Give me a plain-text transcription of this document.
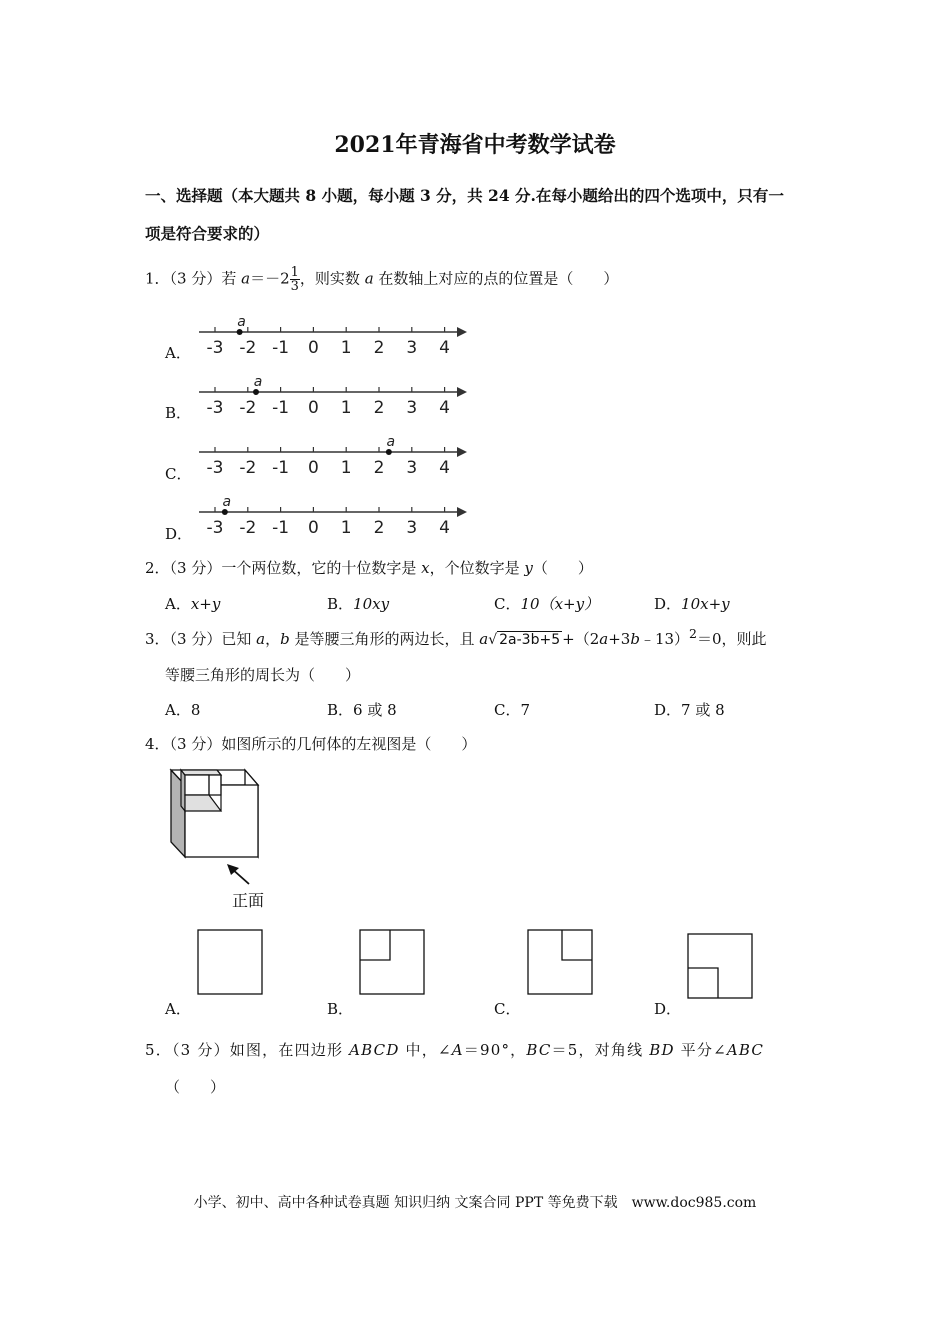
2021年青海省中考数学试卷
一、选择题（本大题共 8 小题，每小题 3 分，共 24 分.在每小题给出的四个选项中，只有一
项是符合要求的）
1．（3 分）若 $a=-2 \frac{1}{3}$ ，则实数 a 在数轴上对应的点的位置是（　　）
A．
B．
C．
D．
-3 -2 -1 0 1 2 3 4
a
-3 -2 -1 0 1 2 3 4
a
-3 -2 -1 0 1 2 3 4
a
-3 -2 -1 0 1 2 3 4
a
2．（3 分）一个两位数，它的十位数字是 x，个位数字是 y（　　）
A．x+y	B．10xy	C．10（x+y）	D．10x+y
3．（3 分）已知 a，b 是等腰三角形的两边长，且 a√ 2a-3b+5 +（2a+3b﹣13）$^2$＝0，则此
等腰三角形的周长为（　　）
A．8	B．6 或 8	C．7	D．7 或 8
4．（3 分）如图所示的几何体的左视图是（　　）
正面
A．	B．	C．	D．
5．（3 分）如图，在四边形 ABCD 中，∠A＝90°，BC＝5，对角线 BD 平分∠ABC
（　　）
小学、初中、高中各种试卷真题 知识归纳 文案合同 PPT 等免费下载　www.doc985.com
